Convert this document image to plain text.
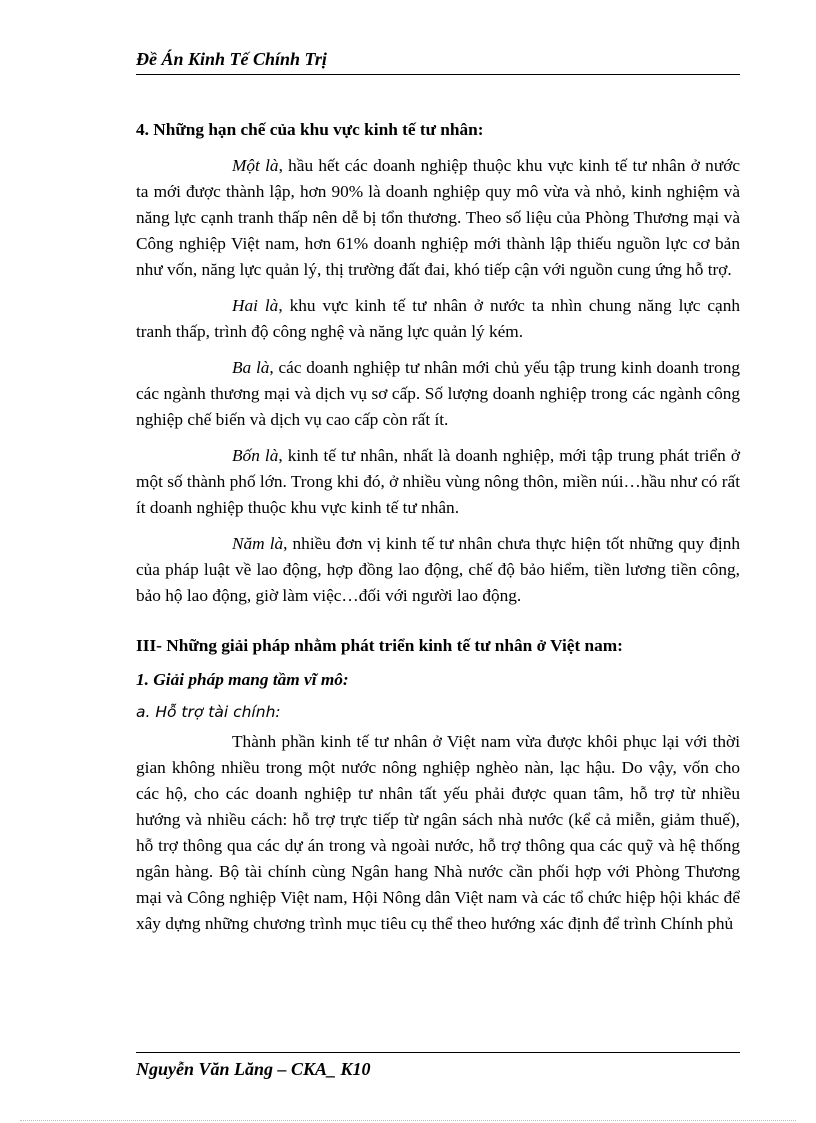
Đề Án Kinh Tế Chính Trị
4. Những hạn chế của khu vực kinh tế tư nhân:

Một là, hầu hết các doanh nghiệp thuộc khu vực kinh tế tư nhân ở nước ta mới được thành lập, hơn 90% là doanh nghiệp quy mô vừa và nhỏ, kinh nghiệm và năng lực cạnh tranh thấp nên dễ bị tổn thương. Theo số liệu của Phòng Thương mại và Công nghiệp Việt nam, hơn 61% doanh nghiệp mới thành lập thiếu nguồn lực cơ bản như vốn, năng lực quản lý, thị trường đất đai, khó tiếp cận với nguồn cung ứng hỗ trợ.

Hai là, khu vực kinh tế tư nhân ở nước ta nhìn chung năng lực cạnh tranh thấp, trình độ công nghệ và năng lực quản lý kém.

Ba là, các doanh nghiệp tư nhân mới chủ yếu tập trung kinh doanh trong các ngành thương mại và dịch vụ sơ cấp. Số lượng doanh nghiệp trong các ngành công nghiệp chế biến và dịch vụ cao cấp còn rất ít.

Bốn là, kinh tế tư nhân, nhất là doanh nghiệp, mới tập trung phát triển ở một số thành phố lớn. Trong khi đó, ở nhiều vùng nông thôn, miền núi…hầu như có rất ít doanh nghiệp thuộc khu vực kinh tế tư nhân.

Năm là, nhiều đơn vị kinh tế tư nhân chưa thực hiện tốt những quy định của pháp luật về lao động, hợp đồng lao động, chế độ bảo hiểm, tiền lương tiền công, bảo hộ lao động, giờ làm việc…đối với người lao động.

III- Những giải pháp nhằm phát triển kinh tế tư nhân ở Việt nam:
1. Giải pháp mang tầm vĩ mô:
a. Hỗ trợ tài chính:

Thành phần kinh tế tư nhân ở Việt nam vừa được khôi phục lại với thời gian không nhiều trong một nước nông nghiệp nghèo nàn, lạc hậu. Do vậy, vốn cho các hộ, cho các doanh nghiệp tư nhân tất yếu phải được quan tâm, hỗ trợ từ nhiều hướng và nhiều cách: hỗ trợ trực tiếp từ ngân sách nhà nước (kể cả miễn, giảm thuế), hỗ trợ thông qua các dự án trong và ngoài nước, hỗ trợ thông qua các quỹ và hệ thống ngân hàng. Bộ tài chính cùng Ngân hang Nhà nước cần phối hợp với Phòng Thương mại và Công nghiệp Việt nam, Hội Nông dân Việt nam và các tổ chức hiệp hội khác để xây dựng những chương trình mục tiêu cụ thể theo hướng xác định để trình Chính phủ

Nguyễn Văn Lăng – CKA_ K10
